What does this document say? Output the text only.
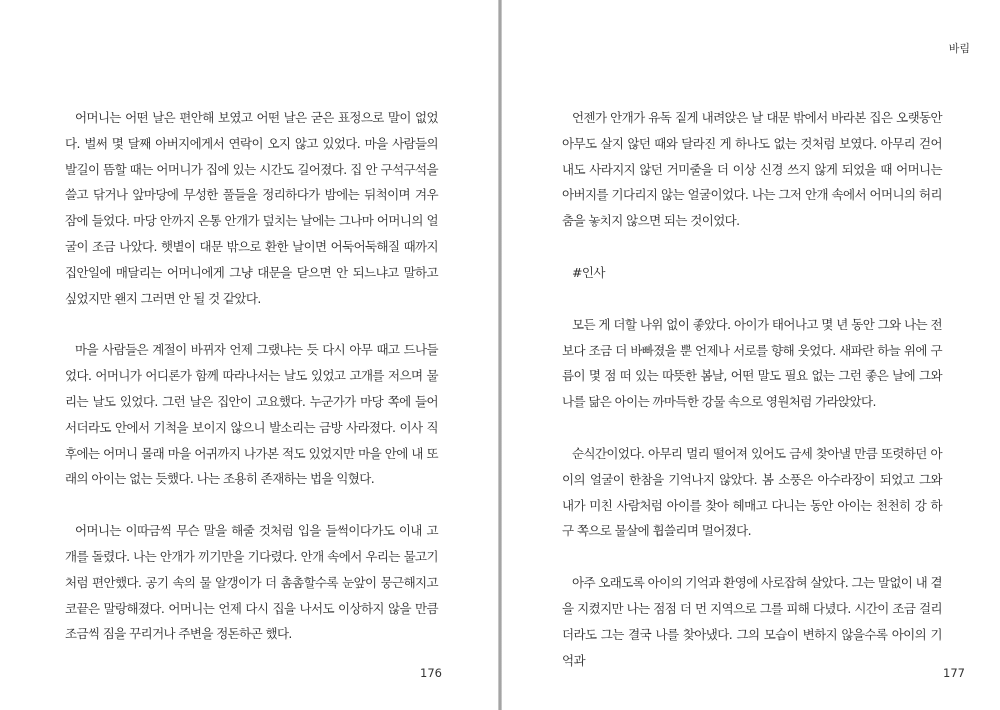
어머니는 어떤 날은 편안해 보였고 어떤 날은 굳은 표정으로 말이 없었다. 벌써 몇 달째 아버지에게서 연락이 오지 않고 있었다. 마을 사람들의 발길이 뜸할 때는 어머니가 집에 있는 시간도 길어졌다. 집 안 구석구석을 쓸고 닦거나 앞마당에 무성한 풀들을 정리하다가 밤에는 뒤척이며 겨우 잠에 들었다. 마당 안까지 온통 안개가 덮치는 날에는 그나마 어머니의 얼굴이 조금 나았다. 햇볕이 대문 밖으로 환한 날이면 어둑어둑해질 때까지 집안일에 매달리는 어머니에게 그냥 대문을 닫으면 안 되느냐고 말하고 싶었지만 왠지 그러면 안 될 것 같았다.

마을 사람들은 계절이 바뀌자 언제 그랬냐는 듯 다시 아무 때고 드나들었다. 어머니가 어디론가 함께 따라나서는 날도 있었고 고개를 저으며 물리는 날도 있었다. 그런 날은 집안이 고요했다. 누군가가 마당 쪽에 들어서더라도 안에서 기척을 보이지 않으니 발소리는 금방 사라졌다. 이사 직후에는 어머니 몰래 마을 어귀까지 나가본 적도 있었지만 마을 안에 내 또래의 아이는 없는 듯했다. 나는 조용히 존재하는 법을 익혔다.

어머니는 이따금씩 무슨 말을 해줄 것처럼 입을 들썩이다가도 이내 고개를 돌렸다. 나는 안개가 끼기만을 기다렸다. 안개 속에서 우리는 물고기처럼 편안했다. 공기 속의 물 알갱이가 더 촘촘할수록 눈앞이 뭉근해지고 코끝은 말랑해졌다. 어머니는 언제 다시 집을 나서도 이상하지 않을 만큼 조금씩 짐을 꾸리거나 주변을 정돈하곤 했다.

176
바림

언젠가 안개가 유독 짙게 내려앉은 날 대문 밖에서 바라본 집은 오랫동안 아무도 살지 않던 때와 달라진 게 하나도 없는 것처럼 보였다. 아무리 걷어내도 사라지지 않던 거미줄을 더 이상 신경 쓰지 않게 되었을 때 어머니는 아버지를 기다리지 않는 얼굴이었다. 나는 그저 안개 속에서 어머니의 허리춤을 놓치지 않으면 되는 것이었다.

#인사

모든 게 더할 나위 없이 좋았다. 아이가 태어나고 몇 년 동안 그와 나는 전보다 조금 더 바빠졌을 뿐 언제나 서로를 향해 웃었다. 새파란 하늘 위에 구름이 몇 점 떠 있는 따뜻한 봄날, 어떤 말도 필요 없는 그런 좋은 날에 그와 나를 닮은 아이는 까마득한 강물 속으로 영원처럼 가라앉았다.

순식간이었다. 아무리 멀리 떨어져 있어도 금세 찾아낼 만큼 또렷하던 아이의 얼굴이 한참을 기억나지 않았다. 봄 소풍은 아수라장이 되었고 그와 내가 미친 사람처럼 아이를 찾아 헤매고 다니는 동안 아이는 천천히 강 하구 쪽으로 물살에 휩쓸리며 멀어졌다.

아주 오래도록 아이의 기억과 환영에 사로잡혀 살았다. 그는 말없이 내 곁을 지켰지만 나는 점점 더 먼 지역으로 그를 피해 다녔다. 시간이 조금 걸리더라도 그는 결국 나를 찾아냈다. 그의 모습이 변하지 않을수록 아이의 기억과

177
